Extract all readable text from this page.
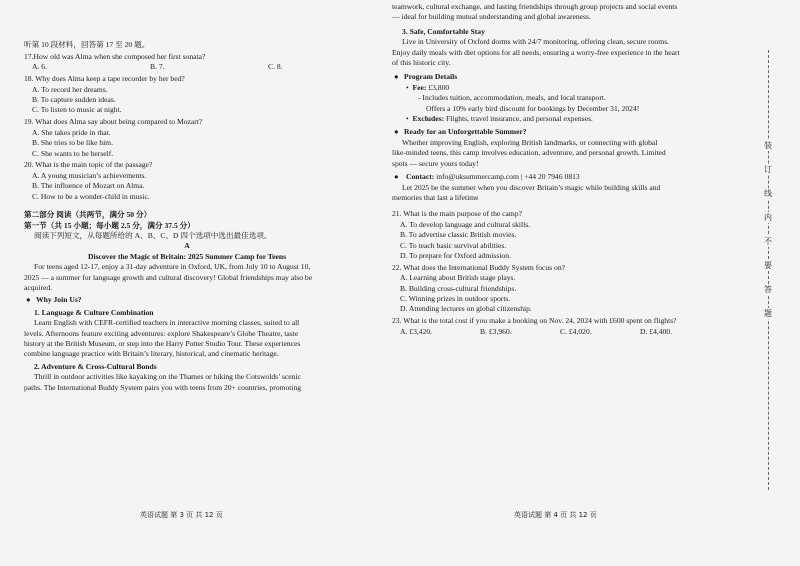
听第 10 段材料，回答第 17 至 20 题。
17.How old was Alma when she composed her first sonata?
A. 6.	B. 7.	C. 8.
18. Why does Alma keep a tape recorder by her bed?
A. To record her dreams.
B. To capture sudden ideas.
C. To listen to music at night.
19. What does Alma say about being compared to Mozart?
A. She takes pride in that.
B. She tries to be like him.
C. She wants to be herself.
20. What is the main topic of the passage?
A. A young musician’s achievements.
B. The influence of Mozart on Alma.
C. How to be a wonder-child in music.
第二部分 阅读（共两节，满分 50 分）
第一节（共 15 小题；每小题 2.5 分，满分 37.5 分）
阅读下列短文，从每题所给的 A、B、C、D 四个选项中选出最佳选项。
A
Discover the Magic of Britain: 2025 Summer Camp for Teens
For teens aged 12-17, enjoy a 31-day adventure in Oxford, UK, from July 10 to August 10,
2025 — a summer for language growth and cultural discovery! Global friendships may also be
acquired.
● Why Join Us?
1. Language & Culture Combination
Learn English with CEFR-certified teachers in interactive morning classes, suited to all
levels. Afternoons feature exciting adventures: explore Shakespeare’s Globe Theatre, taste
history at the British Museum, or step into the Harry Potter Studio Tour. These experiences
combine language practice with Britain’s literary, historical, and cinematic heritage.
2. Adventure & Cross-Cultural Bonds
Thrill in outdoor activities like kayaking on the Thames or hiking the Cotswolds’ scenic
paths. The International Buddy System pairs you with teens from 20+ countries, promoting
英语试题 第 3 页 共 12 页
teamwork, cultural exchange, and lasting friendships through group projects and social events
— ideal for building mutual understanding and global awareness.
3. Safe, Comfortable Stay
Live in University of Oxford dorms with 24/7 monitoring, offering clean, secure rooms.
Enjoy daily meals with diet options for all needs, ensuring a worry-free experience in the heart
of this historic city.
● Program Details
• Fee: £3,800
- Includes tuition, accommodation, meals, and local transport.
Offers a 10% early bird discount for bookings by December 31, 2024!
• Excludes: Flights, travel insurance, and personal expenses.
● Ready for an Unforgettable Summer?
Whether improving English, exploring British landmarks, or connecting with global
like-minded teens, this camp involves education, adventure, and personal growth. Limited
spots — secure yours today!
● Contact: info@uksummercamp.com | +44 20 7946 0813
Let 2025 be the summer when you discover Britain’s magic while building skills and
memories that last a lifetime
21. What is the main purpose of the camp?
A. To develop language and cultural skills.
B. To advertise classic British movies.
C. To teach basic survival abilities.
D. To prepare for Oxford admission.
22. What does the International Buddy System focus on?
A. Learning about British stage plays.
B. Building cross-cultural friendships.
C. Winning prizes in outdoor sports.
D. Attending lectures on global citizenship.
23. What is the total cost if you make a booking on Nov. 24, 2024 with £600 spent on flights?
A. £3,420.	B. £3,960.	C. £4,020.	D. £4,400.
英语试题 第 4 页 共 12 页
装
订
线
内
不
要
答
题
